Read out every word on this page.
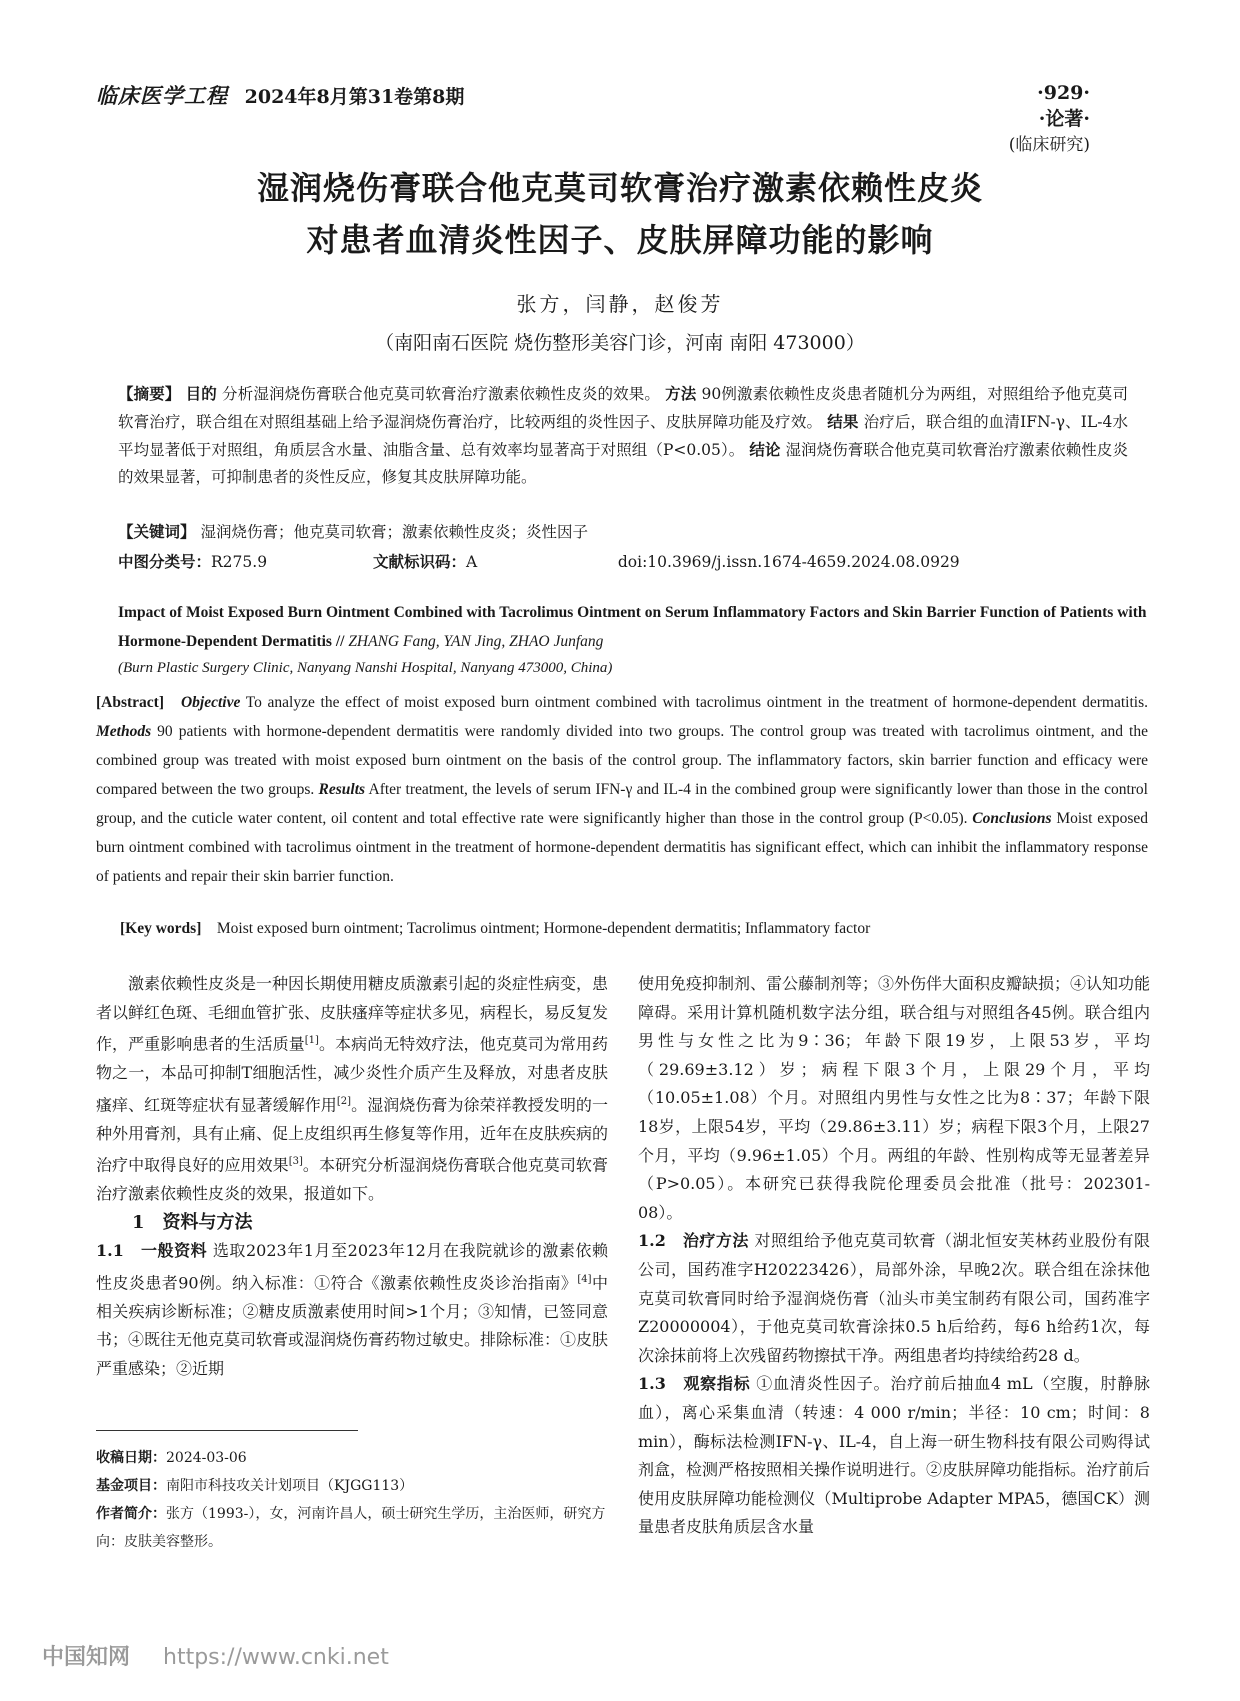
临床医学工程 2024年8月第31卷第8期	·929·
·论著·
(临床研究)
湿润烧伤膏联合他克莫司软膏治疗激素依赖性皮炎
对患者血清炎性因子、皮肤屏障功能的影响
张方，闫静，赵俊芳
（南阳南石医院 烧伤整形美容门诊，河南 南阳 473000）
【摘要】 目的 分析湿润烧伤膏联合他克莫司软膏治疗激素依赖性皮炎的效果。 方法 90例激素依赖性皮炎患者随机分为两组，对照组给予他克莫司软膏治疗，联合组在对照组基础上给予湿润烧伤膏治疗，比较两组的炎性因子、皮肤屏障功能及疗效。 结果 治疗后，联合组的血清IFN-γ、IL-4水平均显著低于对照组，角质层含水量、油脂含量、总有效率均显著高于对照组（P<0.05）。 结论 湿润烧伤膏联合他克莫司软膏治疗激素依赖性皮炎的效果显著，可抑制患者的炎性反应，修复其皮肤屏障功能。
【关键词】 湿润烧伤膏；他克莫司软膏；激素依赖性皮炎；炎性因子
中图分类号：R275.9	文献标识码：A	doi:10.3969/j.issn.1674-4659.2024.08.0929
Impact of Moist Exposed Burn Ointment Combined with Tacrolimus Ointment on Serum Inflammatory Factors and Skin Barrier Function of Patients with Hormone-Dependent Dermatitis // ZHANG Fang, YAN Jing, ZHAO Junfang
(Burn Plastic Surgery Clinic, Nanyang Nanshi Hospital, Nanyang 473000, China)
[Abstract] Objective To analyze the effect of moist exposed burn ointment combined with tacrolimus ointment in the treatment of hormone-dependent dermatitis. Methods 90 patients with hormone-dependent dermatitis were randomly divided into two groups. The control group was treated with tacrolimus ointment, and the combined group was treated with moist exposed burn ointment on the basis of the control group. The inflammatory factors, skin barrier function and efficacy were compared between the two groups. Results After treatment, the levels of serum IFN-γ and IL-4 in the combined group were significantly lower than those in the control group, and the cuticle water content, oil content and total effective rate were significantly higher than those in the control group (P<0.05). Conclusions Moist exposed burn ointment combined with tacrolimus ointment in the treatment of hormone-dependent dermatitis has significant effect, which can inhibit the inflammatory response of patients and repair their skin barrier function.
[Key words] Moist exposed burn ointment; Tacrolimus ointment; Hormone-dependent dermatitis; Inflammatory factor

激素依赖性皮炎是一种因长期使用糖皮质激素引起的炎症性病变，患者以鲜红色斑、毛细血管扩张、皮肤瘙痒等症状多见，病程长，易反复发作，严重影响患者的生活质量[1]。本病尚无特效疗法，他克莫司为常用药物之一，本品可抑制T细胞活性，减少炎性介质产生及释放，对患者皮肤瘙痒、红斑等症状有显著缓解作用[2]。湿润烧伤膏为徐荣祥教授发明的一种外用膏剂，具有止痛、促上皮组织再生修复等作用，近年在皮肤疾病的治疗中取得良好的应用效果[3]。本研究分析湿润烧伤膏联合他克莫司软膏治疗激素依赖性皮炎的效果，报道如下。

1　资料与方法

1.1　一般资料 选取2023年1月至2023年12月在我院就诊的激素依赖性皮炎患者90例。纳入标准：①符合《激素依赖性皮炎诊治指南》[4]中相关疾病诊断标准；②糖皮质激素使用时间>1个月；③知情，已签同意书；④既往无他克莫司软膏或湿润烧伤膏药物过敏史。排除标准：①皮肤严重感染；②近期

使用免疫抑制剂、雷公藤制剂等；③外伤伴大面积皮瓣缺损；④认知功能障碍。采用计算机随机数字法分组，联合组与对照组各45例。联合组内男性与女性之比为9∶36；年龄下限19岁，上限53岁，平均（29.69±3.12）岁；病程下限3个月，上限29个月，平均（10.05±1.08）个月。对照组内男性与女性之比为8∶37；年龄下限18岁，上限54岁，平均（29.86±3.11）岁；病程下限3个月，上限27个月，平均（9.96±1.05）个月。两组的年龄、性别构成等无显著差异（P>0.05）。本研究已获得我院伦理委员会批准（批号：202301-08）。

1.2　治疗方法 对照组给予他克莫司软膏（湖北恒安芙林药业股份有限公司，国药准字H20223426），局部外涂，早晚2次。联合组在涂抹他克莫司软膏同时给予湿润烧伤膏（汕头市美宝制药有限公司，国药准字Z20000004），于他克莫司软膏涂抹0.5 h后给药，每6 h给药1次，每次涂抹前将上次残留药物擦拭干净。两组患者均持续给药28 d。

1.3　观察指标 ①血清炎性因子。治疗前后抽血4 mL（空腹，肘静脉血），离心采集血清（转速：4 000 r/min；半径：10 cm；时间：8 min），酶标法检测IFN-γ、IL-4，自上海一研生物科技有限公司购得试剂盒，检测严格按照相关操作说明进行。②皮肤屏障功能指标。治疗前后使用皮肤屏障功能检测仪（Multiprobe Adapter MPA5，德国CK）测量患者皮肤角质层含水量

收稿日期：2024-03-06
基金项目：南阳市科技攻关计划项目（KJGG113）
作者简介：张方（1993-），女，河南许昌人，硕士研究生学历，主治医师，研究方向：皮肤美容整形。
中国知网 https://www.cnki.net
